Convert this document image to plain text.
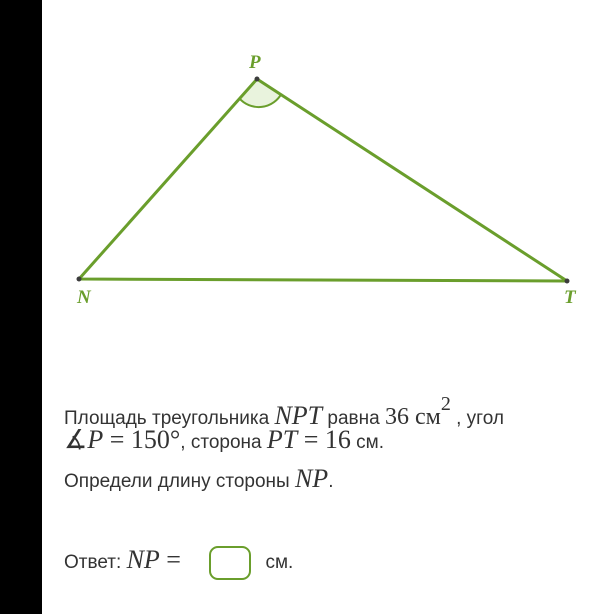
P
N	T
Площадь треугольника NPT равна 36 см2 , угол
∡P = 150°, сторона PT = 16 см.
Определи длину стороны NP.
Ответ: NP =	см.
